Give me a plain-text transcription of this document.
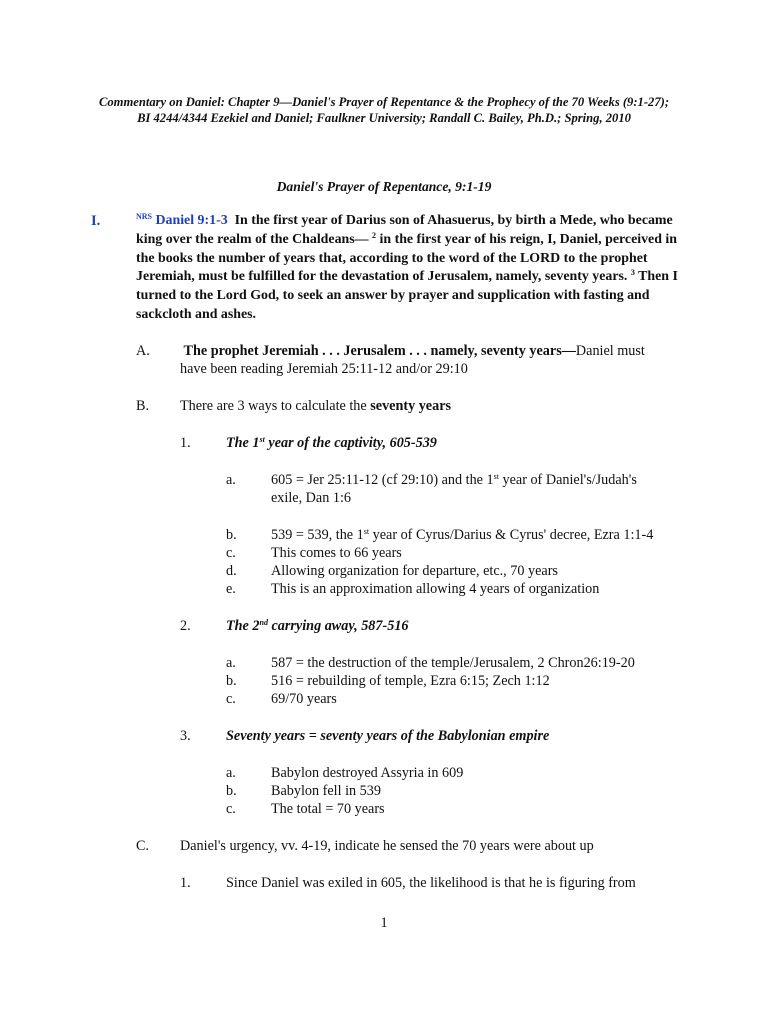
Commentary on Daniel: Chapter 9—Daniel's Prayer of Repentance & the Prophecy of the 70 Weeks (9:1-27);
BI 4244/4344 Ezekiel and Daniel; Faulkner University; Randall C. Bailey, Ph.D.; Spring, 2010
Daniel's Prayer of Repentance, 9:1-19
I.	$^{NRS}$ Daniel 9:1-3 In the first year of Darius son of Ahasuerus, by birth a Mede, who became king over the realm of the Chaldeans— $^2$ in the first year of his reign, I, Daniel, perceived in the books the number of years that, according to the word of the LORD to the prophet Jeremiah, must be fulfilled for the devastation of Jerusalem, namely, seventy years. $^3$ Then I turned to the Lord God, to seek an answer by prayer and supplication with fasting and sackcloth and ashes.
A. The prophet Jeremiah . . . Jerusalem . . . namely, seventy years—Daniel must
have been reading Jeremiah 25:11-12 and/or 29:10
B. There are 3 ways to calculate the seventy years
1. The 1st year of the captivity, 605-539
a. 605 = Jer 25:11-12 (cf 29:10) and the 1st year of Daniel's/Judah's
exile, Dan 1:6
b. 539 = 539, the 1st year of Cyrus/Darius & Cyrus' decree, Ezra 1:1-4
c. This comes to 66 years
d. Allowing organization for departure, etc., 70 years
e. This is an approximation allowing 4 years of organization
2. The 2nd carrying away, 587-516
a. 587 = the destruction of the temple/Jerusalem, 2 Chron26:19-20
b. 516 = rebuilding of temple, Ezra 6:15; Zech 1:12
c. 69/70 years
3. Seventy years = seventy years of the Babylonian empire
a. Babylon destroyed Assyria in 609
b. Babylon fell in 539
c. The total = 70 years
C. Daniel's urgency, vv. 4-19, indicate he sensed the 70 years were about up
1. Since Daniel was exiled in 605, the likelihood is that he is figuring from
1
